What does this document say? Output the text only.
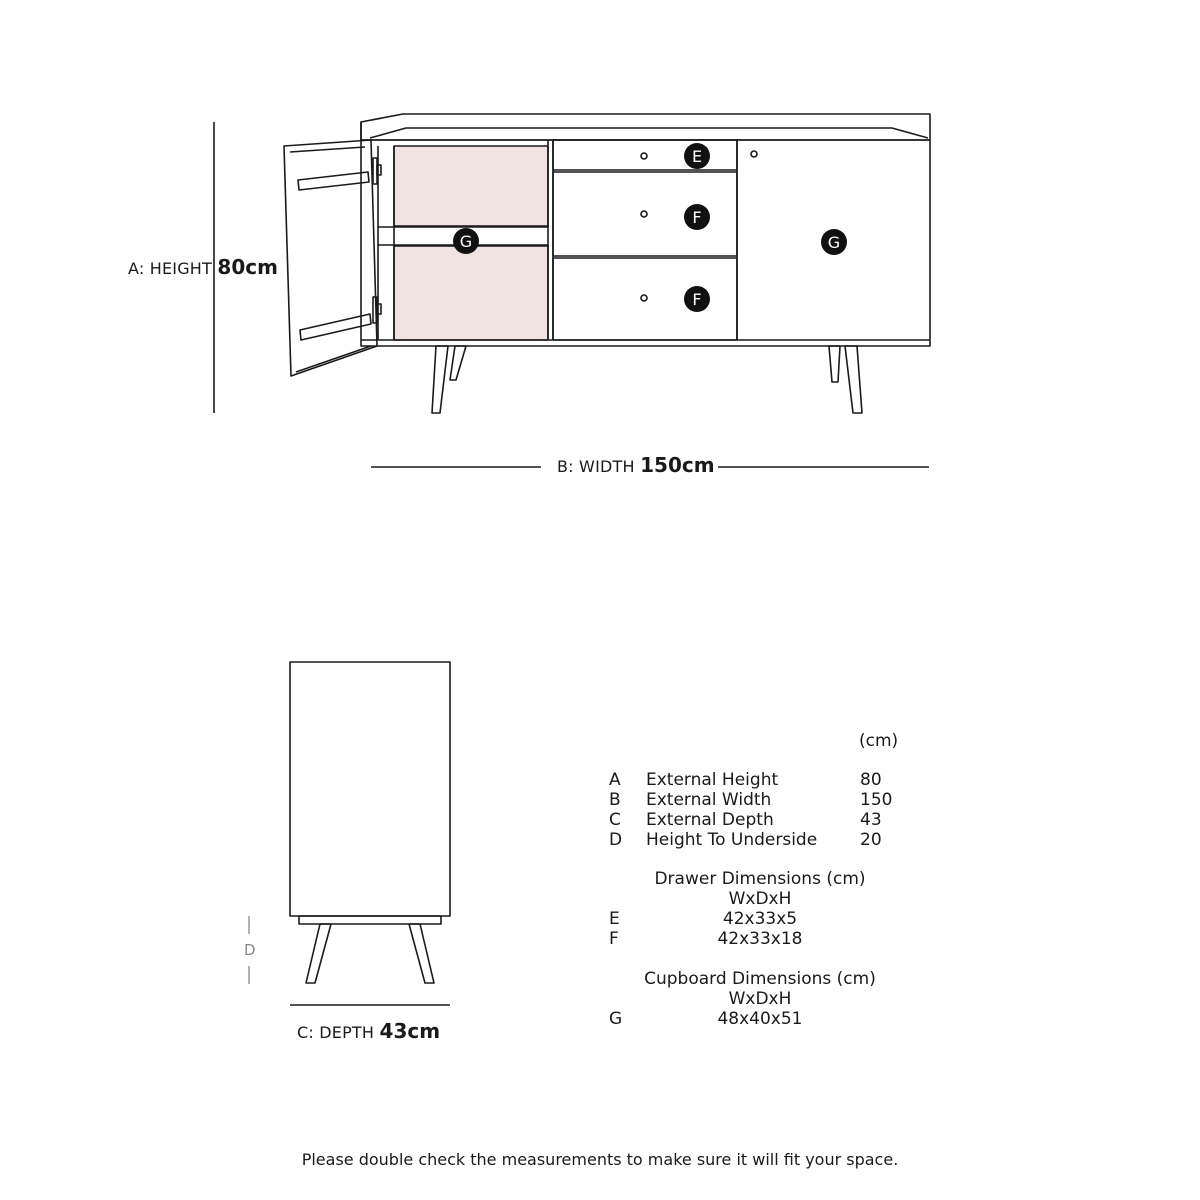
E
F
F
G	G
A: HEIGHT 80cm
B: WIDTH 150cm
C: DEPTH 43cm
D
(cm)
A External Height	80
B External Width	150
C External Depth	43
D Height To Underside	20
Drawer Dimensions (cm)
WxDxH
E	42x33x5
F	42x33x18
Cupboard Dimensions (cm)
WxDxH
G	48x40x51
Please double check the measurements to make sure it will fit your space.
